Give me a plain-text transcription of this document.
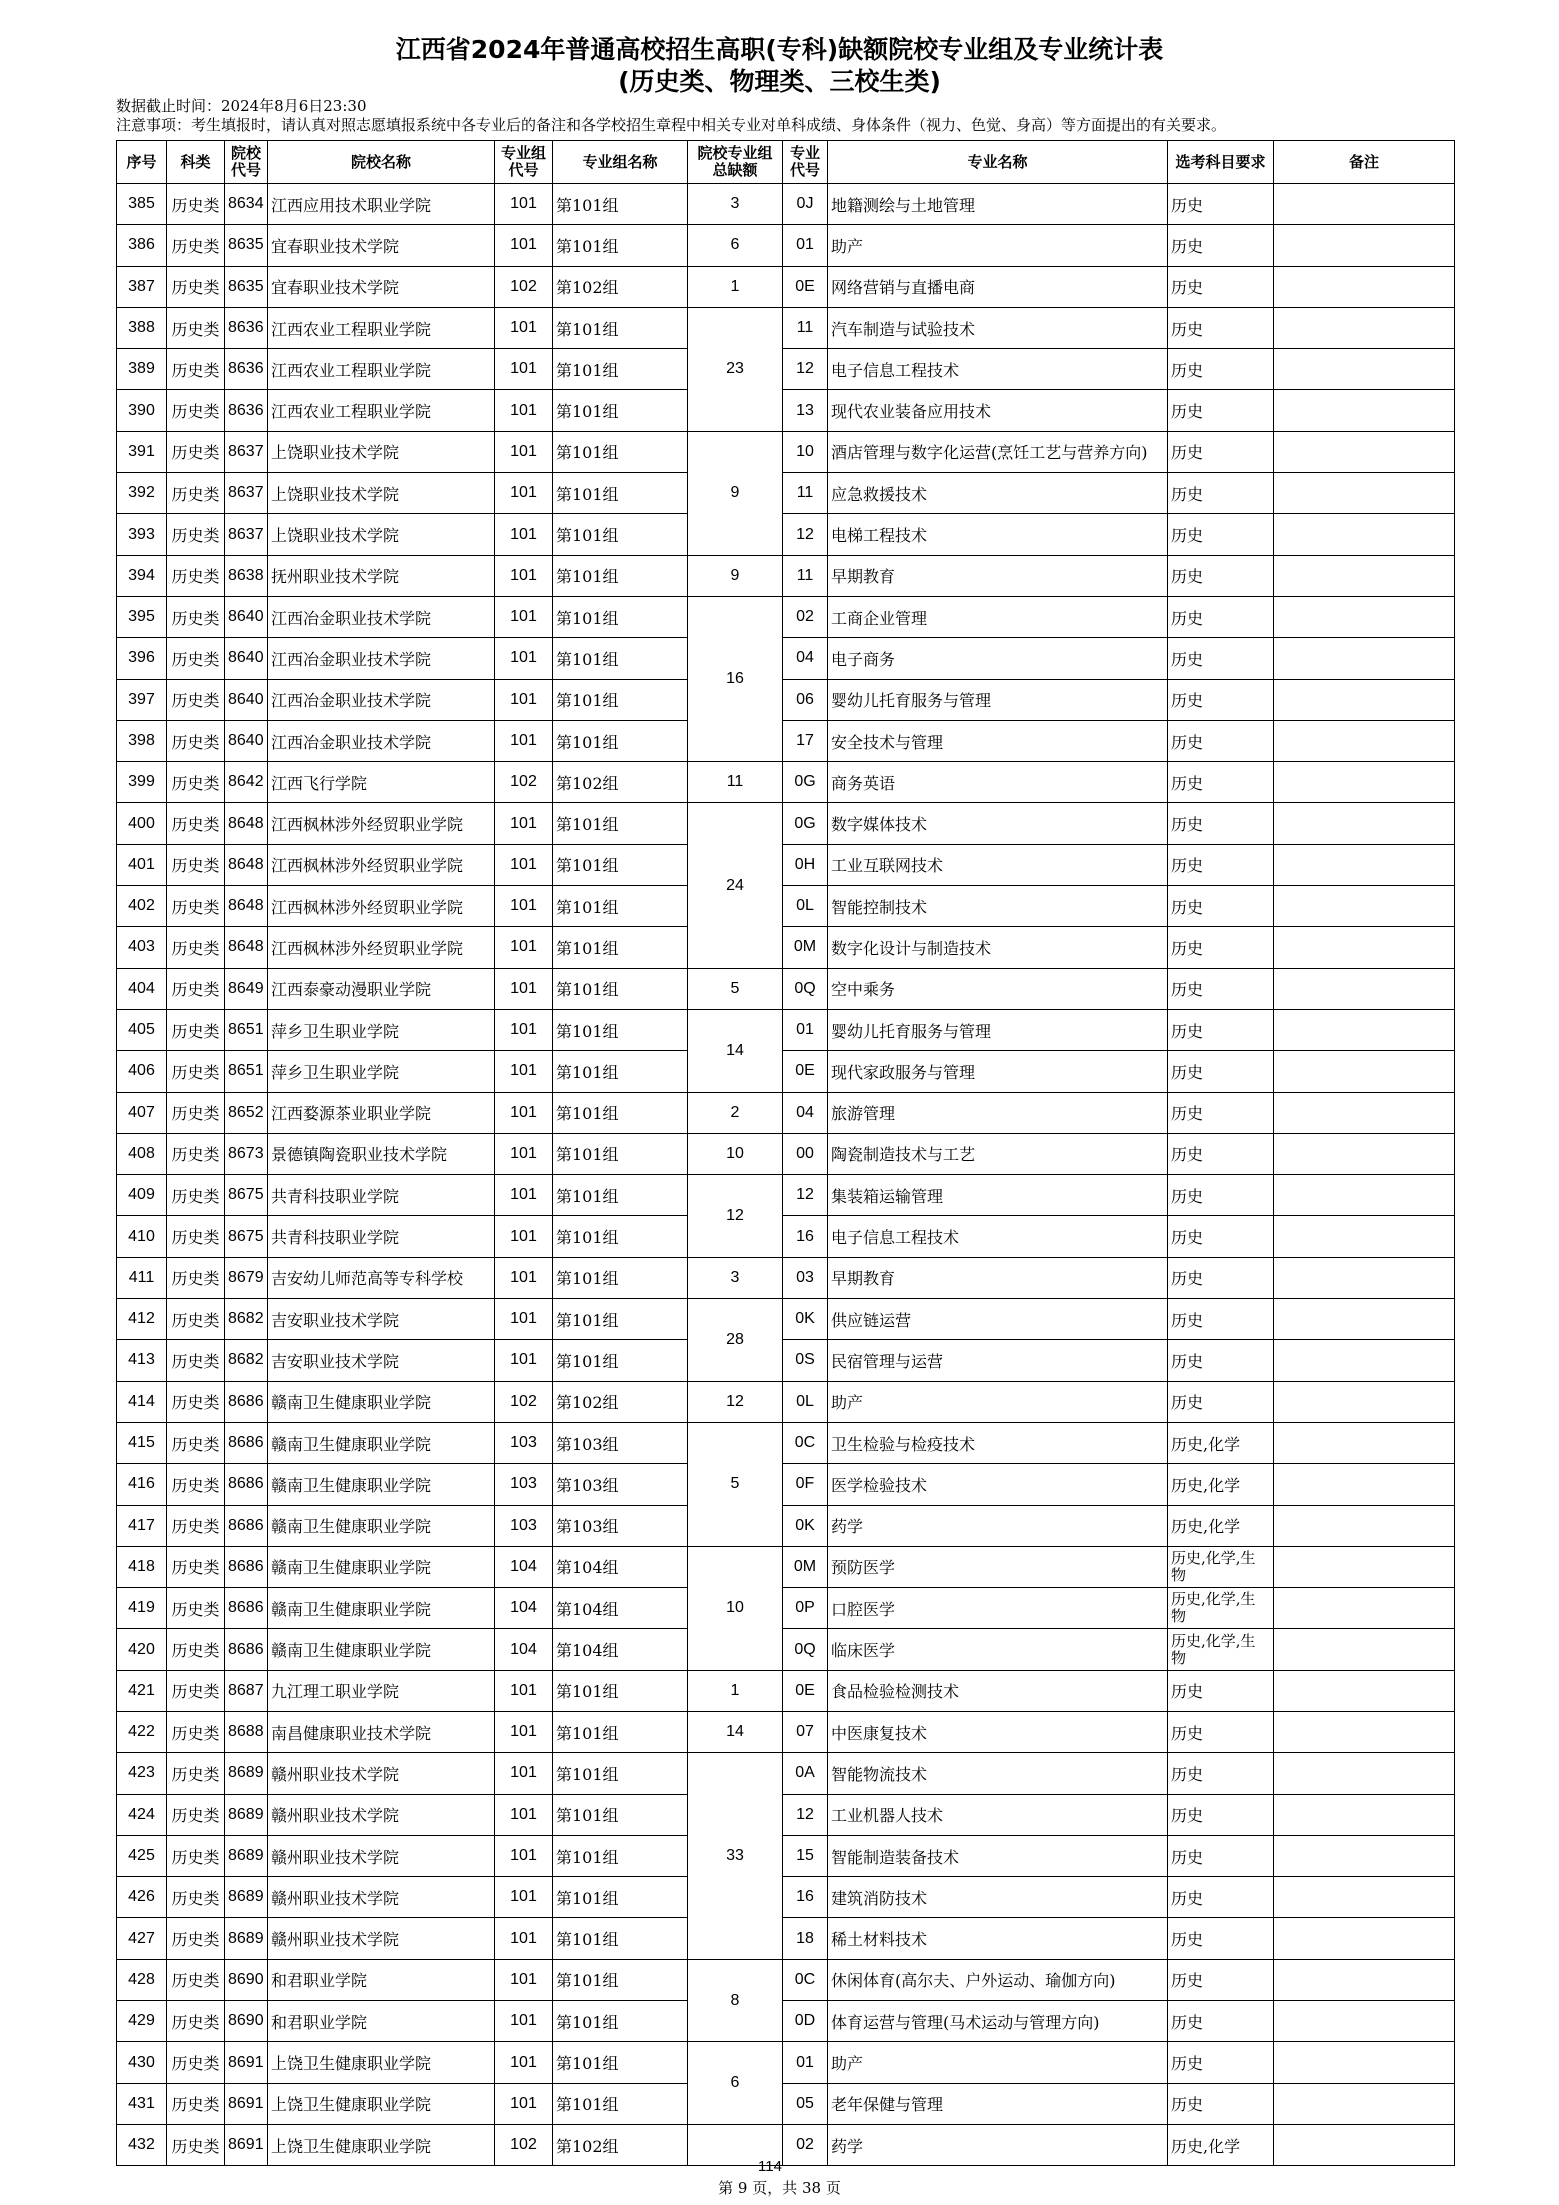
江西省2024年普通高校招生高职(专科)缺额院校专业组及专业统计表
(历史类、物理类、三校生类)
数据截止时间：2024年8月6日23:30
注意事项：考生填报时，请认真对照志愿填报系统中各专业后的备注和各学校招生章程中相关专业对单科成绩、身体条件（视力、色觉、身高）等方面提出的有关要求。
序号	科类	院校代号	院校名称	专业组代号	专业组名称	院校专业组总缺额	专业代号	专业名称	选考科目要求	备注
385	历史类	8634	江西应用技术职业学院	101	第101组	3	0J	地籍测绘与土地管理	历史	
386	历史类	8635	宜春职业技术学院	101	第101组	6	01	助产	历史	
387	历史类	8635	宜春职业技术学院	102	第102组	1	0E	网络营销与直播电商	历史	
388	历史类	8636	江西农业工程职业学院	101	第101组	23	11	汽车制造与试验技术	历史	
389	历史类	8636	江西农业工程职业学院	101	第101组		12	电子信息工程技术	历史	
390	历史类	8636	江西农业工程职业学院	101	第101组		13	现代农业装备应用技术	历史	
391	历史类	8637	上饶职业技术学院	101	第101组	9	10	酒店管理与数字化运营(烹饪工艺与营养方向)	历史	
392	历史类	8637	上饶职业技术学院	101	第101组		11	应急救援技术	历史	
393	历史类	8637	上饶职业技术学院	101	第101组		12	电梯工程技术	历史	
394	历史类	8638	抚州职业技术学院	101	第101组	9	11	早期教育	历史	
395	历史类	8640	江西冶金职业技术学院	101	第101组	16	02	工商企业管理	历史	
396	历史类	8640	江西冶金职业技术学院	101	第101组		04	电子商务	历史	
397	历史类	8640	江西冶金职业技术学院	101	第101组		06	婴幼儿托育服务与管理	历史	
398	历史类	8640	江西冶金职业技术学院	101	第101组		17	安全技术与管理	历史	
399	历史类	8642	江西飞行学院	102	第102组	11	0G	商务英语	历史	
400	历史类	8648	江西枫林涉外经贸职业学院	101	第101组	24	0G	数字媒体技术	历史	
401	历史类	8648	江西枫林涉外经贸职业学院	101	第101组		0H	工业互联网技术	历史	
402	历史类	8648	江西枫林涉外经贸职业学院	101	第101组		0L	智能控制技术	历史	
403	历史类	8648	江西枫林涉外经贸职业学院	101	第101组		0M	数字化设计与制造技术	历史	
404	历史类	8649	江西泰豪动漫职业学院	101	第101组	5	0Q	空中乘务	历史	
405	历史类	8651	萍乡卫生职业学院	101	第101组	14	01	婴幼儿托育服务与管理	历史	
406	历史类	8651	萍乡卫生职业学院	101	第101组		0E	现代家政服务与管理	历史	
407	历史类	8652	江西婺源茶业职业学院	101	第101组	2	04	旅游管理	历史	
408	历史类	8673	景德镇陶瓷职业技术学院	101	第101组	10	00	陶瓷制造技术与工艺	历史	
409	历史类	8675	共青科技职业学院	101	第101组	12	12	集装箱运输管理	历史	
410	历史类	8675	共青科技职业学院	101	第101组		16	电子信息工程技术	历史	
411	历史类	8679	吉安幼儿师范高等专科学校	101	第101组	3	03	早期教育	历史	
412	历史类	8682	吉安职业技术学院	101	第101组	28	0K	供应链运营	历史	
413	历史类	8682	吉安职业技术学院	101	第101组		0S	民宿管理与运营	历史	
414	历史类	8686	赣南卫生健康职业学院	102	第102组	12	0L	助产	历史	
415	历史类	8686	赣南卫生健康职业学院	103	第103组	5	0C	卫生检验与检疫技术	历史,化学	
416	历史类	8686	赣南卫生健康职业学院	103	第103组		0F	医学检验技术	历史,化学	
417	历史类	8686	赣南卫生健康职业学院	103	第103组		0K	药学	历史,化学	
418	历史类	8686	赣南卫生健康职业学院	104	第104组	10	0M	预防医学	历史,化学,生物	
419	历史类	8686	赣南卫生健康职业学院	104	第104组		0P	口腔医学	历史,化学,生物	
420	历史类	8686	赣南卫生健康职业学院	104	第104组		0Q	临床医学	历史,化学,生物	
421	历史类	8687	九江理工职业学院	101	第101组	1	0E	食品检验检测技术	历史	
422	历史类	8688	南昌健康职业技术学院	101	第101组	14	07	中医康复技术	历史	
423	历史类	8689	赣州职业技术学院	101	第101组	33	0A	智能物流技术	历史	
424	历史类	8689	赣州职业技术学院	101	第101组		12	工业机器人技术	历史	
425	历史类	8689	赣州职业技术学院	101	第101组		15	智能制造装备技术	历史	
426	历史类	8689	赣州职业技术学院	101	第101组		16	建筑消防技术	历史	
427	历史类	8689	赣州职业技术学院	101	第101组		18	稀土材料技术	历史	
428	历史类	8690	和君职业学院	101	第101组	8	0C	休闲体育(高尔夫、户外运动、瑜伽方向)	历史	
429	历史类	8690	和君职业学院	101	第101组		0D	体育运营与管理(马术运动与管理方向)	历史	
430	历史类	8691	上饶卫生健康职业学院	101	第101组	6	01	助产	历史	
431	历史类	8691	上饶卫生健康职业学院	101	第101组		05	老年保健与管理	历史	
432	历史类	8691	上饶卫生健康职业学院	102	第102组		02	药学	历史,化学	
114
第 9 页，共 38 页
